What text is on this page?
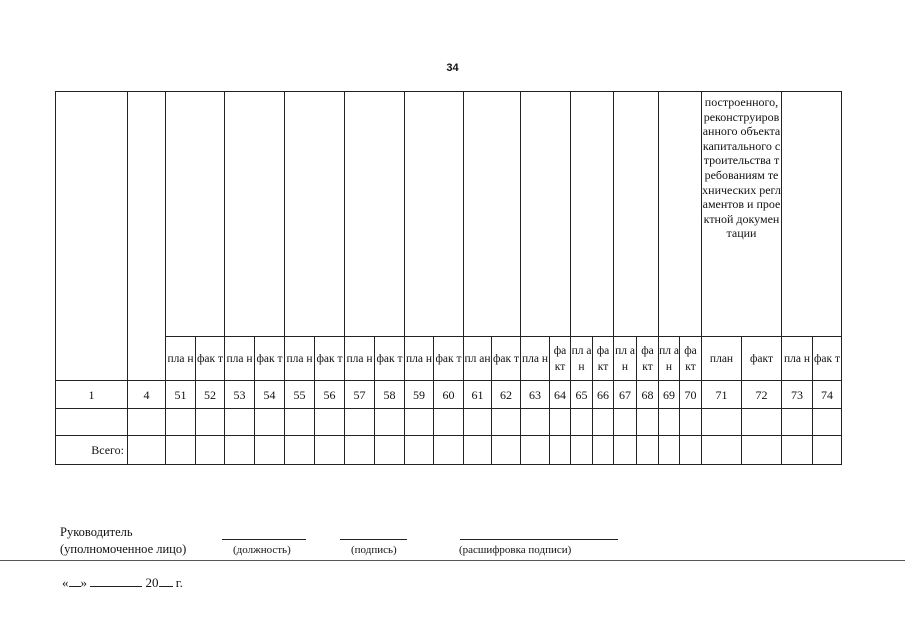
34
																						построенного, реконструированного объекта капитального строительства требованиям технических регламентов и проектной документации			
		пла н	фак т	пла н	фак т	пла н	фак т	пла н	фак т	пла н	фак т	пл ан	фак т	пла н	фа кт	пл ан	фа кт	пл ан	фа кт	пл ан	фа кт	план	факт	пла н	фак т
1	4	51	52	53	54	55	56	57	58	59	60	61	62	63	64	65	66	67	68	69	70	71	72	73	74

Всего:																									
Руководитель
(уполномоченное лицо)	(должность)	(подпись)	(расшифровка подписи)
« »	20 г.
